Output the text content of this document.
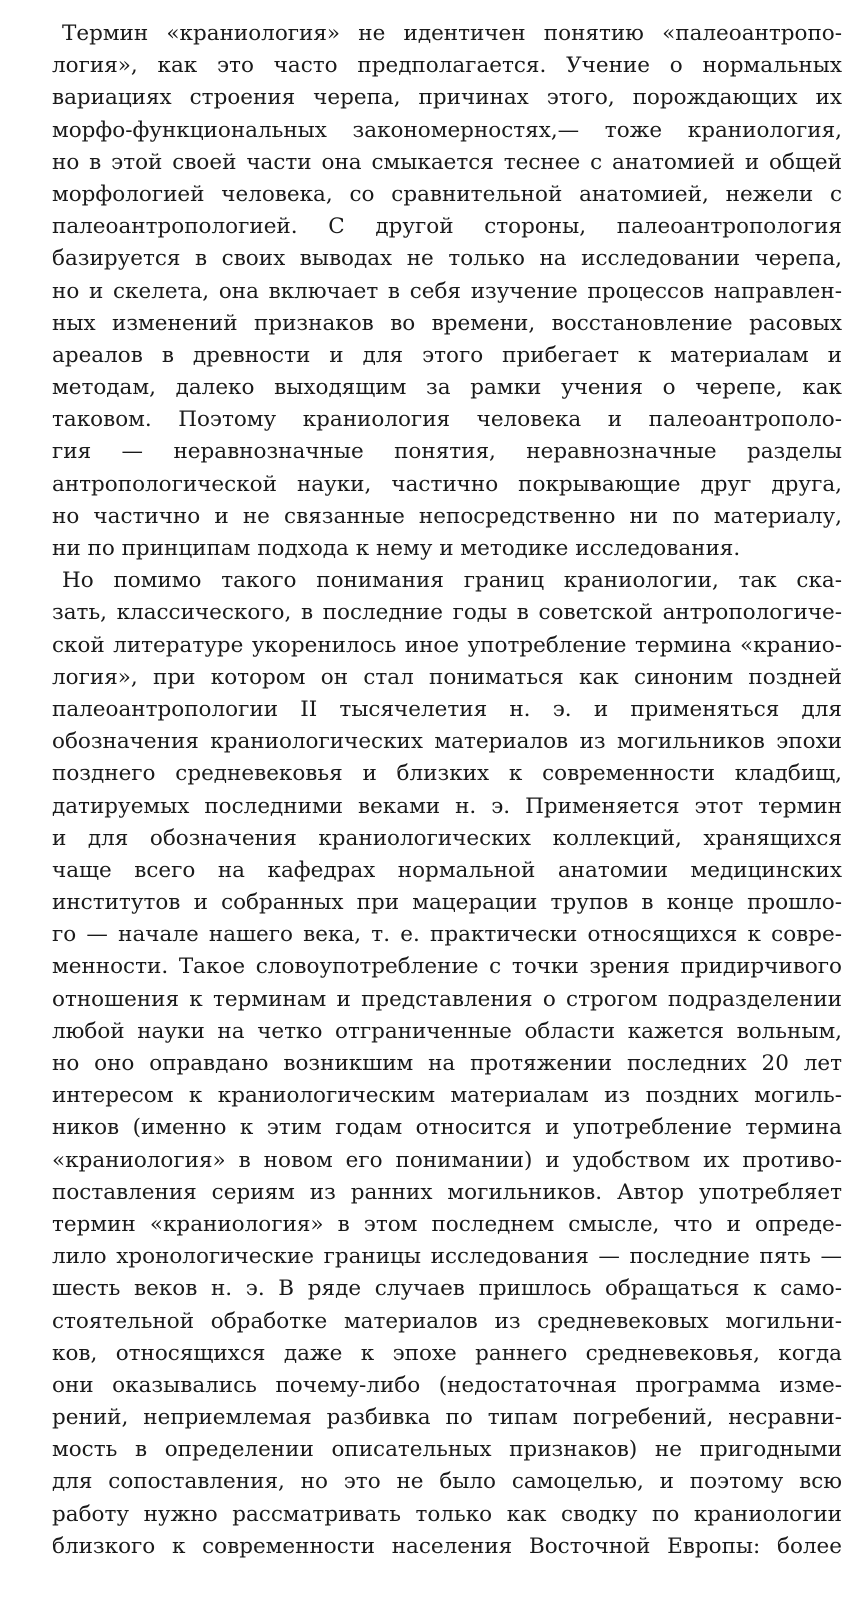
Термин «краниология» не идентичен понятию «палеоантропо-
логия», как это часто предполагается. Учение о нормальных
вариациях строения черепа, причинах этого, порождающих их
морфо-функциональных закономерностях,— тоже краниология,
но в этой своей части она смыкается теснее с анатомией и общей
морфологией человека, со сравнительной анатомией, нежели с
палеоантропологией. С другой стороны, палеоантропология
базируется в своих выводах не только на исследовании черепа,
но и скелета, она включает в себя изучение процессов направлен-
ных изменений признаков во времени, восстановление расовых
ареалов в древности и для этого прибегает к материалам и
методам, далеко выходящим за рамки учения о черепе, как
таковом. Поэтому краниология человека и палеоантрополо-
гия — неравнозначные понятия, неравнозначные разделы
антропологической науки, частично покрывающие друг друга,
но частично и не связанные непосредственно ни по материалу,
ни по принципам подхода к нему и методике исследования.
Но помимо такого понимания границ краниологии, так ска-
зать, классического, в последние годы в советской антропологиче-
ской литературе укоренилось иное употребление термина «кранио-
логия», при котором он стал пониматься как синоним поздней
палеоантропологии II тысячелетия н. э. и применяться для
обозначения краниологических материалов из могильников эпохи
позднего средневековья и близких к современности кладбищ,
датируемых последними веками н. э. Применяется этот термин
и для обозначения краниологических коллекций, хранящихся
чаще всего на кафедрах нормальной анатомии медицинских
институтов и собранных при мацерации трупов в конце прошло-
го — начале нашего века, т. е. практически относящихся к совре-
менности. Такое словоупотребление с точки зрения придирчивого
отношения к терминам и представления о строгом подразделении
любой науки на четко отграниченные области кажется вольным,
но оно оправдано возникшим на протяжении последних 20 лет
интересом к краниологическим материалам из поздних могиль-
ников (именно к этим годам относится и употребление термина
«краниология» в новом его понимании) и удобством их противо-
поставления сериям из ранних могильников. Автор употребляет
термин «краниология» в этом последнем смысле, что и опреде-
лило хронологические границы исследования — последние пять —
шесть веков н. э. В ряде случаев пришлось обращаться к само-
стоятельной обработке материалов из средневековых могильни-
ков, относящихся даже к эпохе раннего средневековья, когда
они оказывались почему-либо (недостаточная программа изме-
рений, неприемлемая разбивка по типам погребений, несравни-
мость в определении описательных признаков) не пригодными
для сопоставления, но это не было самоцелью, и поэтому всю
работу нужно рассматривать только как сводку по краниологии
близкого к современности населения Восточной Европы: более
